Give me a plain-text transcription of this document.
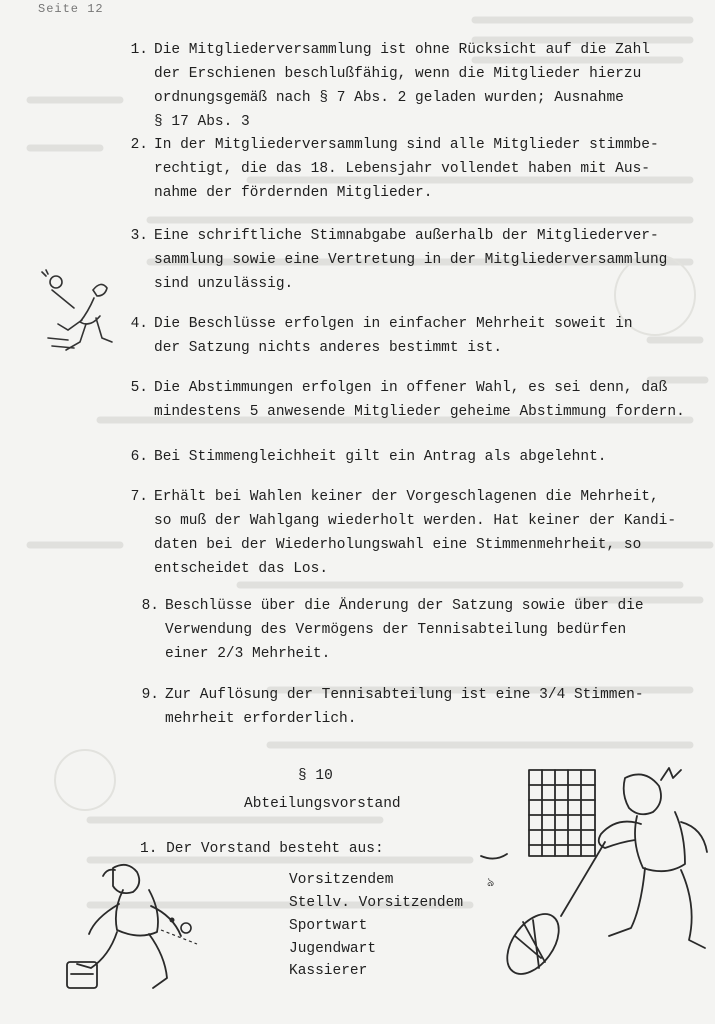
Seite 12
1. Die Mitgliederversammlung ist ohne Rücksicht auf die Zahl
der Erschienen beschlußfähig, wenn die Mitglieder hierzu
ordnungsgemäß nach § 7 Abs. 2 geladen wurden; Ausnahme
§ 17 Abs. 3
2. In der Mitgliederversammlung sind alle Mitglieder stimmbe-
rechtigt, die das 18. Lebensjahr vollendet haben mit Aus-
nahme der fördernden Mitglieder.
3. Eine schriftliche Stimnabgabe außerhalb der Mitgliederver-
sammlung sowie eine Vertretung in der Mitgliederversammlung
sind unzulässig.
4. Die Beschlüsse erfolgen in einfacher Mehrheit soweit in
der Satzung nichts anderes bestimmt ist.
5. Die Abstimmungen erfolgen in offener Wahl, es sei denn, daß
mindestens 5 anwesende Mitglieder geheime Abstimmung fordern.
6. Bei Stimmengleichheit gilt ein Antrag als abgelehnt.
7. Erhält bei Wahlen keiner der Vorgeschlagenen die Mehrheit,
so muß der Wahlgang wiederholt werden. Hat keiner der Kandi-
daten bei der Wiederholungswahl eine Stimmenmehrheit, so
entscheidet das Los.
8. Beschlüsse über die Änderung der Satzung sowie über die
Verwendung des Vermögens der Tennisabteilung bedürfen
einer 2/3 Mehrheit.
9. Zur Auflösung der Tennisabteilung ist eine 3/4 Stimmen-
mehrheit erforderlich.
§ 10
Abteilungsvorstand
1. Der Vorstand besteht aus:
Vorsitzendem
Stellv. Vorsitzendem
Sportwart
Jugendwart
Kassierer
ঌ
